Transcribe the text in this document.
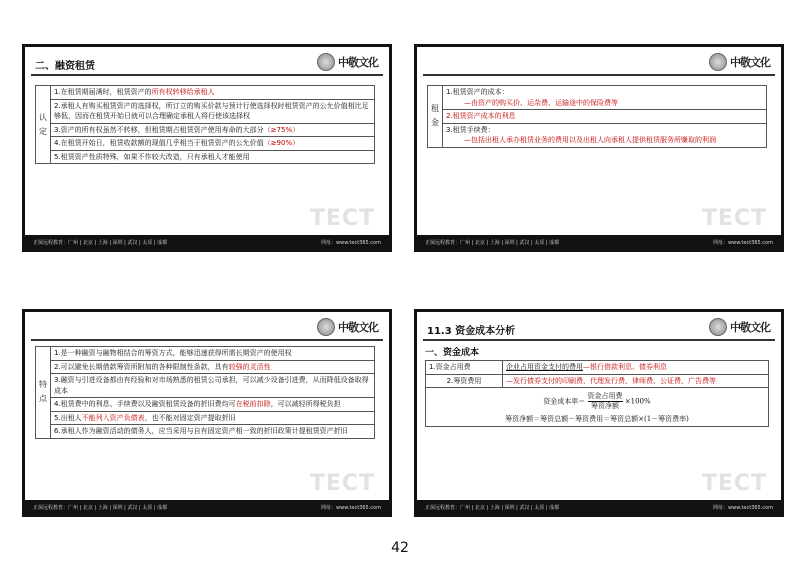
二、融资租赁	中敬文化
认定	1.在租赁期届满时，租赁资产的所有权转移给承租人
2.承租人有购买租赁资产的选择权，所订立的购买价款与预计行使选择权时租赁资产的公允价值相比足够低，因而在租赁开始日就可以合理确定承租人将行使该选择权
3.资产的所有权虽然不转移，但租赁期占租赁资产使用寿命的大部分（≥75%）
4.在租赁开始日，租赁收款额的现值几乎相当于租赁资产的公允价值（≥90%）
5.租赁资产性质特殊，如果不作较大改造，只有承租人才能使用
TECT
正保远程教育：广州 | 北京 | 上海 | 深圳 | 武汉 | 太原 | 成都	网址：www.tect365.com
中敬文化
租金	
1.租赁资产的成本：
—由资产的购买价、运杂费、运输途中的保险费等

2.租赁资产成本的利息

3.租赁手续费：
—包括出租人承办租赁业务的费用以及出租人向承租人提供租赁服务所赚取的利润
TECT
正保远程教育：广州 | 北京 | 上海 | 深圳 | 武汉 | 太原 | 成都	网址：www.tect365.com
中敬文化
特点	1.是一种融资与融物相结合的筹资方式，能够迅速获得所需长期资产的使用权
2.可以避免长期借款筹资所附加的各种限制性条款，具有较强的灵活性
3.融资与引进设备都由有经验和对市场熟悉的租赁公司承担，可以减少设备引进费，从而降低设备取得成本
4.租赁费中的利息、手续费以及融资租赁设备的折旧费均可在税前扣除，可以减轻所得税负担
5.出租人不能列入资产负债表，也不能对固定资产提取折旧
6.承租人作为融资活动的债务人，应当采用与自有固定资产相一致的折旧政策计提租赁资产折旧
TECT
正保远程教育：广州 | 北京 | 上海 | 深圳 | 武汉 | 太原 | 成都	网址：www.tect365.com
11.3 资金成本分析	中敬文化
一、资金成本
1.资金占用费	企业占用资金支付的费用—银行借款利息、债券利息
2.筹资费用	—发行债券支付的印刷费、代理发行费、律师费、公证费、广告费等

资金成本率＝ $\frac{\text{资金占用费}}{\text{筹资净额}} \times 100\%$
筹资净额＝筹资总额－筹资费用＝筹资总额×(1－筹资费率)	
TECT
正保远程教育：广州 | 北京 | 上海 | 深圳 | 武汉 | 太原 | 成都	网址：www.tect365.com
42
